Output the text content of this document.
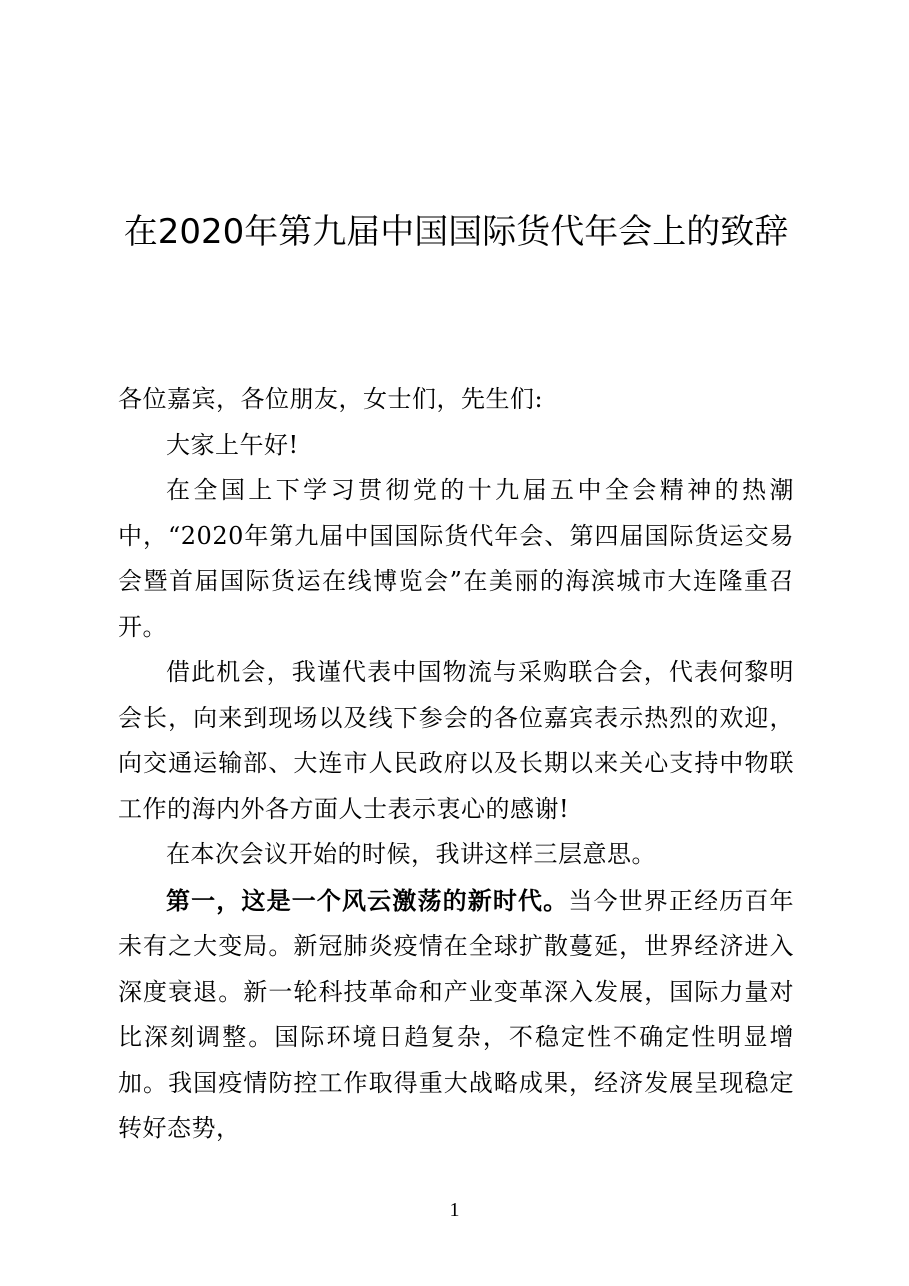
在2020年第九届中国国际货代年会上的致辞

各位嘉宾，各位朋友，女士们，先生们:

大家上午好!

在全国上下学习贯彻党的十九届五中全会精神的热潮中，“2020年第九届中国国际货代年会、第四届国际货运交易会暨首届国际货运在线博览会”在美丽的海滨城市大连隆重召开。

借此机会，我谨代表中国物流与采购联合会，代表何黎明会长，向来到现场以及线下参会的各位嘉宾表示热烈的欢迎，向交通运输部、大连市人民政府以及长期以来关心支持中物联工作的海内外各方面人士表示衷心的感谢!

在本次会议开始的时候，我讲这样三层意思。

第一，这是一个风云激荡的新时代。当今世界正经历百年未有之大变局。新冠肺炎疫情在全球扩散蔓延，世界经济进入深度衰退。新一轮科技革命和产业变革深入发展，国际力量对比深刻调整。国际环境日趋复杂，不稳定性不确定性明显增加。我国疫情防控工作取得重大战略成果，经济发展呈现稳定转好态势，

1
